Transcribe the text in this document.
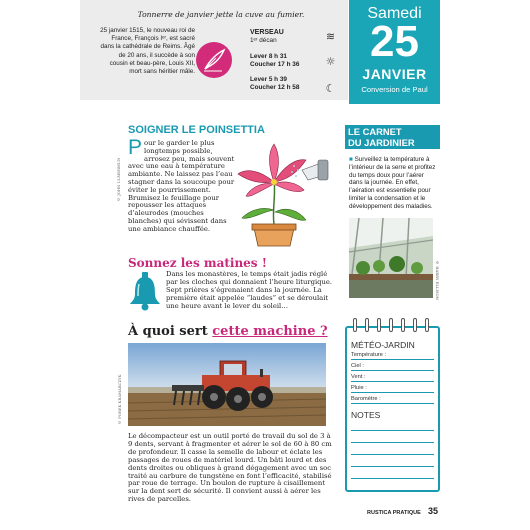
Tonnerre de janvier jette la cuve au fumier.
25 janvier 1515, le nouveau roi de France, François Iᵉʳ, est sacré dans la cathédrale de Reims. Âgé de 20 ans, il succède à son cousin et beau-père, Louis XII, mort sans héritier mâle.
VERSEAU
1ᵉʳ décan
Lever 8 h 31
Coucher 17 h 36
Lever 5 h 39
Coucher 12 h 58
≋
☼
☾
Samedi
25
JANVIER
Conversion de Paul
SOIGNER LE POINSETTIA
© JOHN ULMERMUN
Pour le garder le plus longtemps possible, arrosez peu, mais souvent avec une eau à température ambiante. Ne laissez pas l’eau stagner dans la soucoupe pour éviter le pourrissement. Brumisez le feuillage pour repousser les attaques d’aleurodes (mouches blanches) qui sévissent dans une ambiance chauffée.
LE CARNET
DU JARDINIER
■ Surveillez la température à l’intérieur de la serre et profitez du temps doux pour l’aérer dans la journée. En effet, l’aération est essentielle pour limiter la condensation et le développement des maladies.
© HARRY ELLISON
Sonnez les matines !
Dans les monastères, le temps était jadis réglé par les cloches qui donnaient l’heure liturgique. Sept prières s’égrenaient dans la journée. La première était appelée “laudes” et se déroulait une heure avant le lever du soleil…
À quoi sert cette machine ?
© FOREK KRAMARCZYK
Le décompacteur est un outil porté de travail du sol de 3 à 9 dents, servant à fragmenter et aérer le sol de 60 à 80 cm de profondeur. Il casse la semelle de labour et éclate les passages de roues de matériel lourd. Un bâti lourd et des dents droites ou obliques à grand dégagement avec un soc traité au carbure de tungstène en font l’efficacité, stabilisé par roue de terrage. Un boulon de rupture à cisaillement sur la dent sert de sécurité. Il convient aussi à aérer les rives de parcelles.
MÉTÉO-JARDIN
Température :
Ciel :
Vent :
Pluie :
Baromètre :
NOTES
RUSTICA PRATIQUE 35
